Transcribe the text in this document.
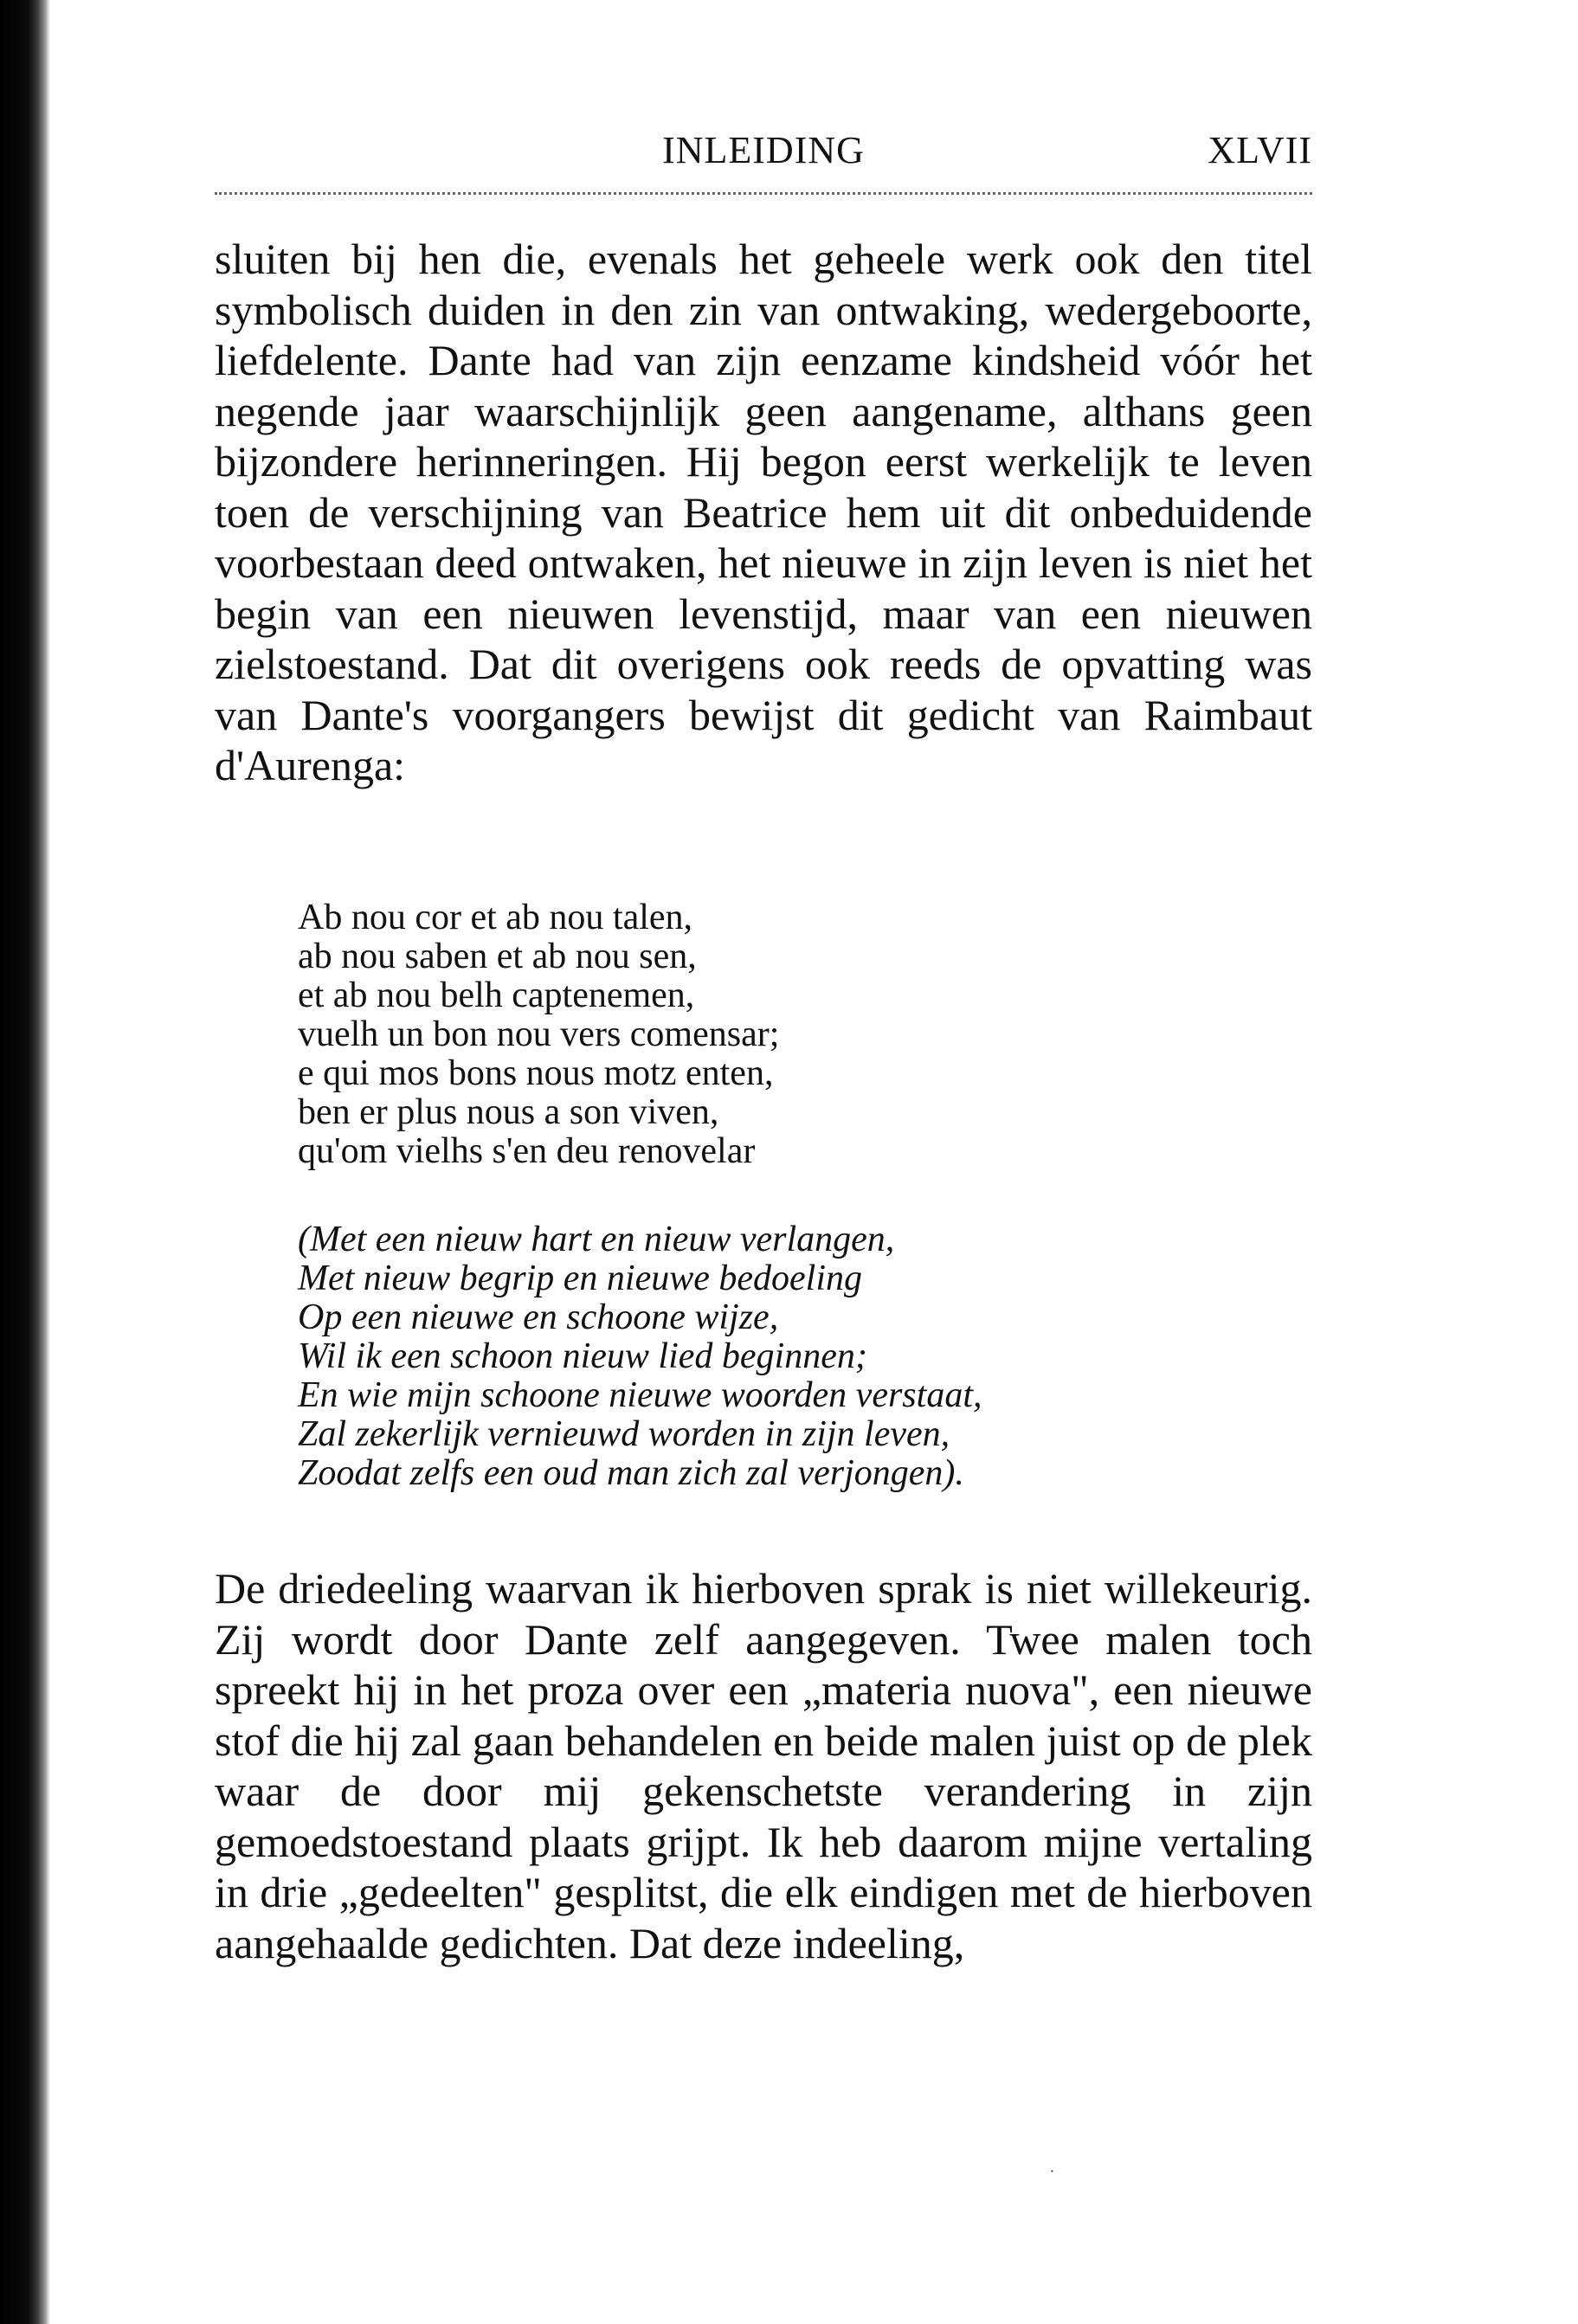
INLEIDING	XLVII

sluiten bij hen die, evenals het geheele werk ook den titel symbolisch duiden in den zin van ontwaking, wedergeboorte, liefdelente. Dante had van zijn eenzame kindsheid vóór het negende jaar waarschijnlijk geen aangename, althans geen bijzondere herinneringen. Hij begon eerst werkelijk te leven toen de verschijning van Beatrice hem uit dit onbeduidende voorbestaan deed ontwaken, het nieuwe in zijn leven is niet het begin van een nieuwen levenstijd, maar van een nieuwen zielstoestand. Dat dit overigens ook reeds de opvatting was van Dante's voorgangers bewijst dit gedicht van Raimbaut d'Aurenga:

Ab nou cor et ab nou talen,
ab nou saben et ab nou sen,
et ab nou belh captenemen,
vuelh un bon nou vers comensar;
e qui mos bons nous motz enten,
ben er plus nous a son viven,
qu'om vielhs s'en deu renovelar
(Met een nieuw hart en nieuw verlangen,
Met nieuw begrip en nieuwe bedoeling
Op een nieuwe en schoone wijze,
Wil ik een schoon nieuw lied beginnen;
En wie mijn schoone nieuwe woorden verstaat,
Zal zekerlijk vernieuwd worden in zijn leven,
Zoodat zelfs een oud man zich zal verjongen).

De driedeeling waarvan ik hierboven sprak is niet willekeurig. Zij wordt door Dante zelf aangegeven. Twee malen toch spreekt hij in het proza over een „materia nuova", een nieuwe stof die hij zal gaan behandelen en beide malen juist op de plek waar de door mij gekenschetste verandering in zijn gemoedstoestand plaats grijpt. Ik heb daarom mijne vertaling in drie „gedeelten" gesplitst, die elk eindigen met de hierboven aangehaalde gedichten. Dat deze indeeling,

·
